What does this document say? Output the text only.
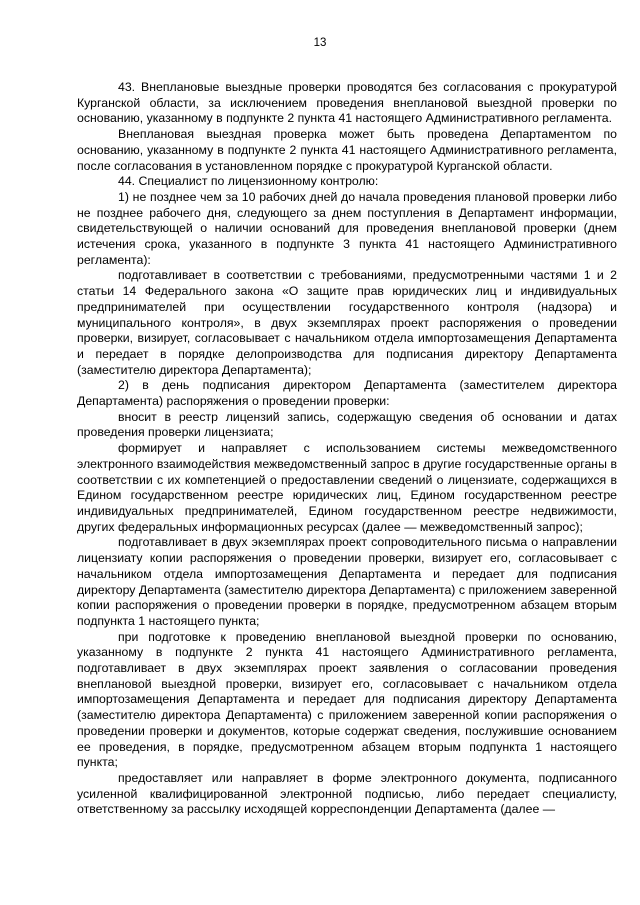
13

43. Внеплановые выездные проверки проводятся без согласования с прокуратурой Курганской области, за исключением проведения внеплановой выездной проверки по основанию, указанному в подпункте 2 пункта 41 настоящего Административного регламента.

Внеплановая выездная проверка может быть проведена Департаментом по основанию, указанному в подпункте 2 пункта 41 настоящего Административного регламента, после согласования в установленном порядке с прокуратурой Курганской области.

44. Специалист по лицензионному контролю:

1) не позднее чем за 10 рабочих дней до начала проведения плановой проверки либо не позднее рабочего дня, следующего за днем поступления в Департамент информации, свидетельствующей о наличии оснований для проведения внеплановой проверки (днем истечения срока, указанного в подпункте 3 пункта 41 настоящего Административного регламента):

подготавливает в соответствии с требованиями, предусмотренными частями 1 и 2 статьи 14 Федерального закона «О защите прав юридических лиц и индивидуальных предпринимателей при осуществлении государственного контроля (надзора) и муниципального контроля», в двух экземплярах проект распоряжения о проведении проверки, визирует, согласовывает с начальником отдела импортозамещения Департамента и передает в порядке делопроизводства для подписания директору Департамента (заместителю директора Департамента);

2) в день подписания директором Департамента (заместителем директора Департамента) распоряжения о проведении проверки:

вносит в реестр лицензий запись, содержащую сведения об основании и датах проведения проверки лицензиата;

формирует и направляет с использованием системы межведомственного электронного взаимодействия межведомственный запрос в другие государственные органы в соответствии с их компетенцией о предоставлении сведений о лицензиате, содержащихся в Едином государственном реестре юридических лиц, Едином государственном реестре индивидуальных предпринимателей, Едином государственном реестре недвижимости, других федеральных информационных ресурсах (далее — межведомственный запрос);

подготавливает в двух экземплярах проект сопроводительного письма о направлении лицензиату копии распоряжения о проведении проверки, визирует его, согласовывает с начальником отдела импортозамещения Департамента и передает для подписания директору Департамента (заместителю директора Департамента) с приложением заверенной копии распоряжения о проведении проверки в порядке, предусмотренном абзацем вторым подпункта 1 настоящего пункта;

при подготовке к проведению внеплановой выездной проверки по основанию, указанному в подпункте 2 пункта 41 настоящего Административного регламента, подготавливает в двух экземплярах проект заявления о согласовании проведения внеплановой выездной проверки, визирует его, согласовывает с начальником отдела импортозамещения Департамента и передает для подписания директору Департамента (заместителю директора Департамента) с приложением заверенной копии распоряжения о проведении проверки и документов, которые содержат сведения, послужившие основанием ее проведения, в порядке, предусмотренном абзацем вторым подпункта 1 настоящего пункта;

предоставляет или направляет в форме электронного документа, подписанного усиленной квалифицированной электронной подписью, либо передает специалисту, ответственному за рассылку исходящей корреспонденции Департамента (далее —
